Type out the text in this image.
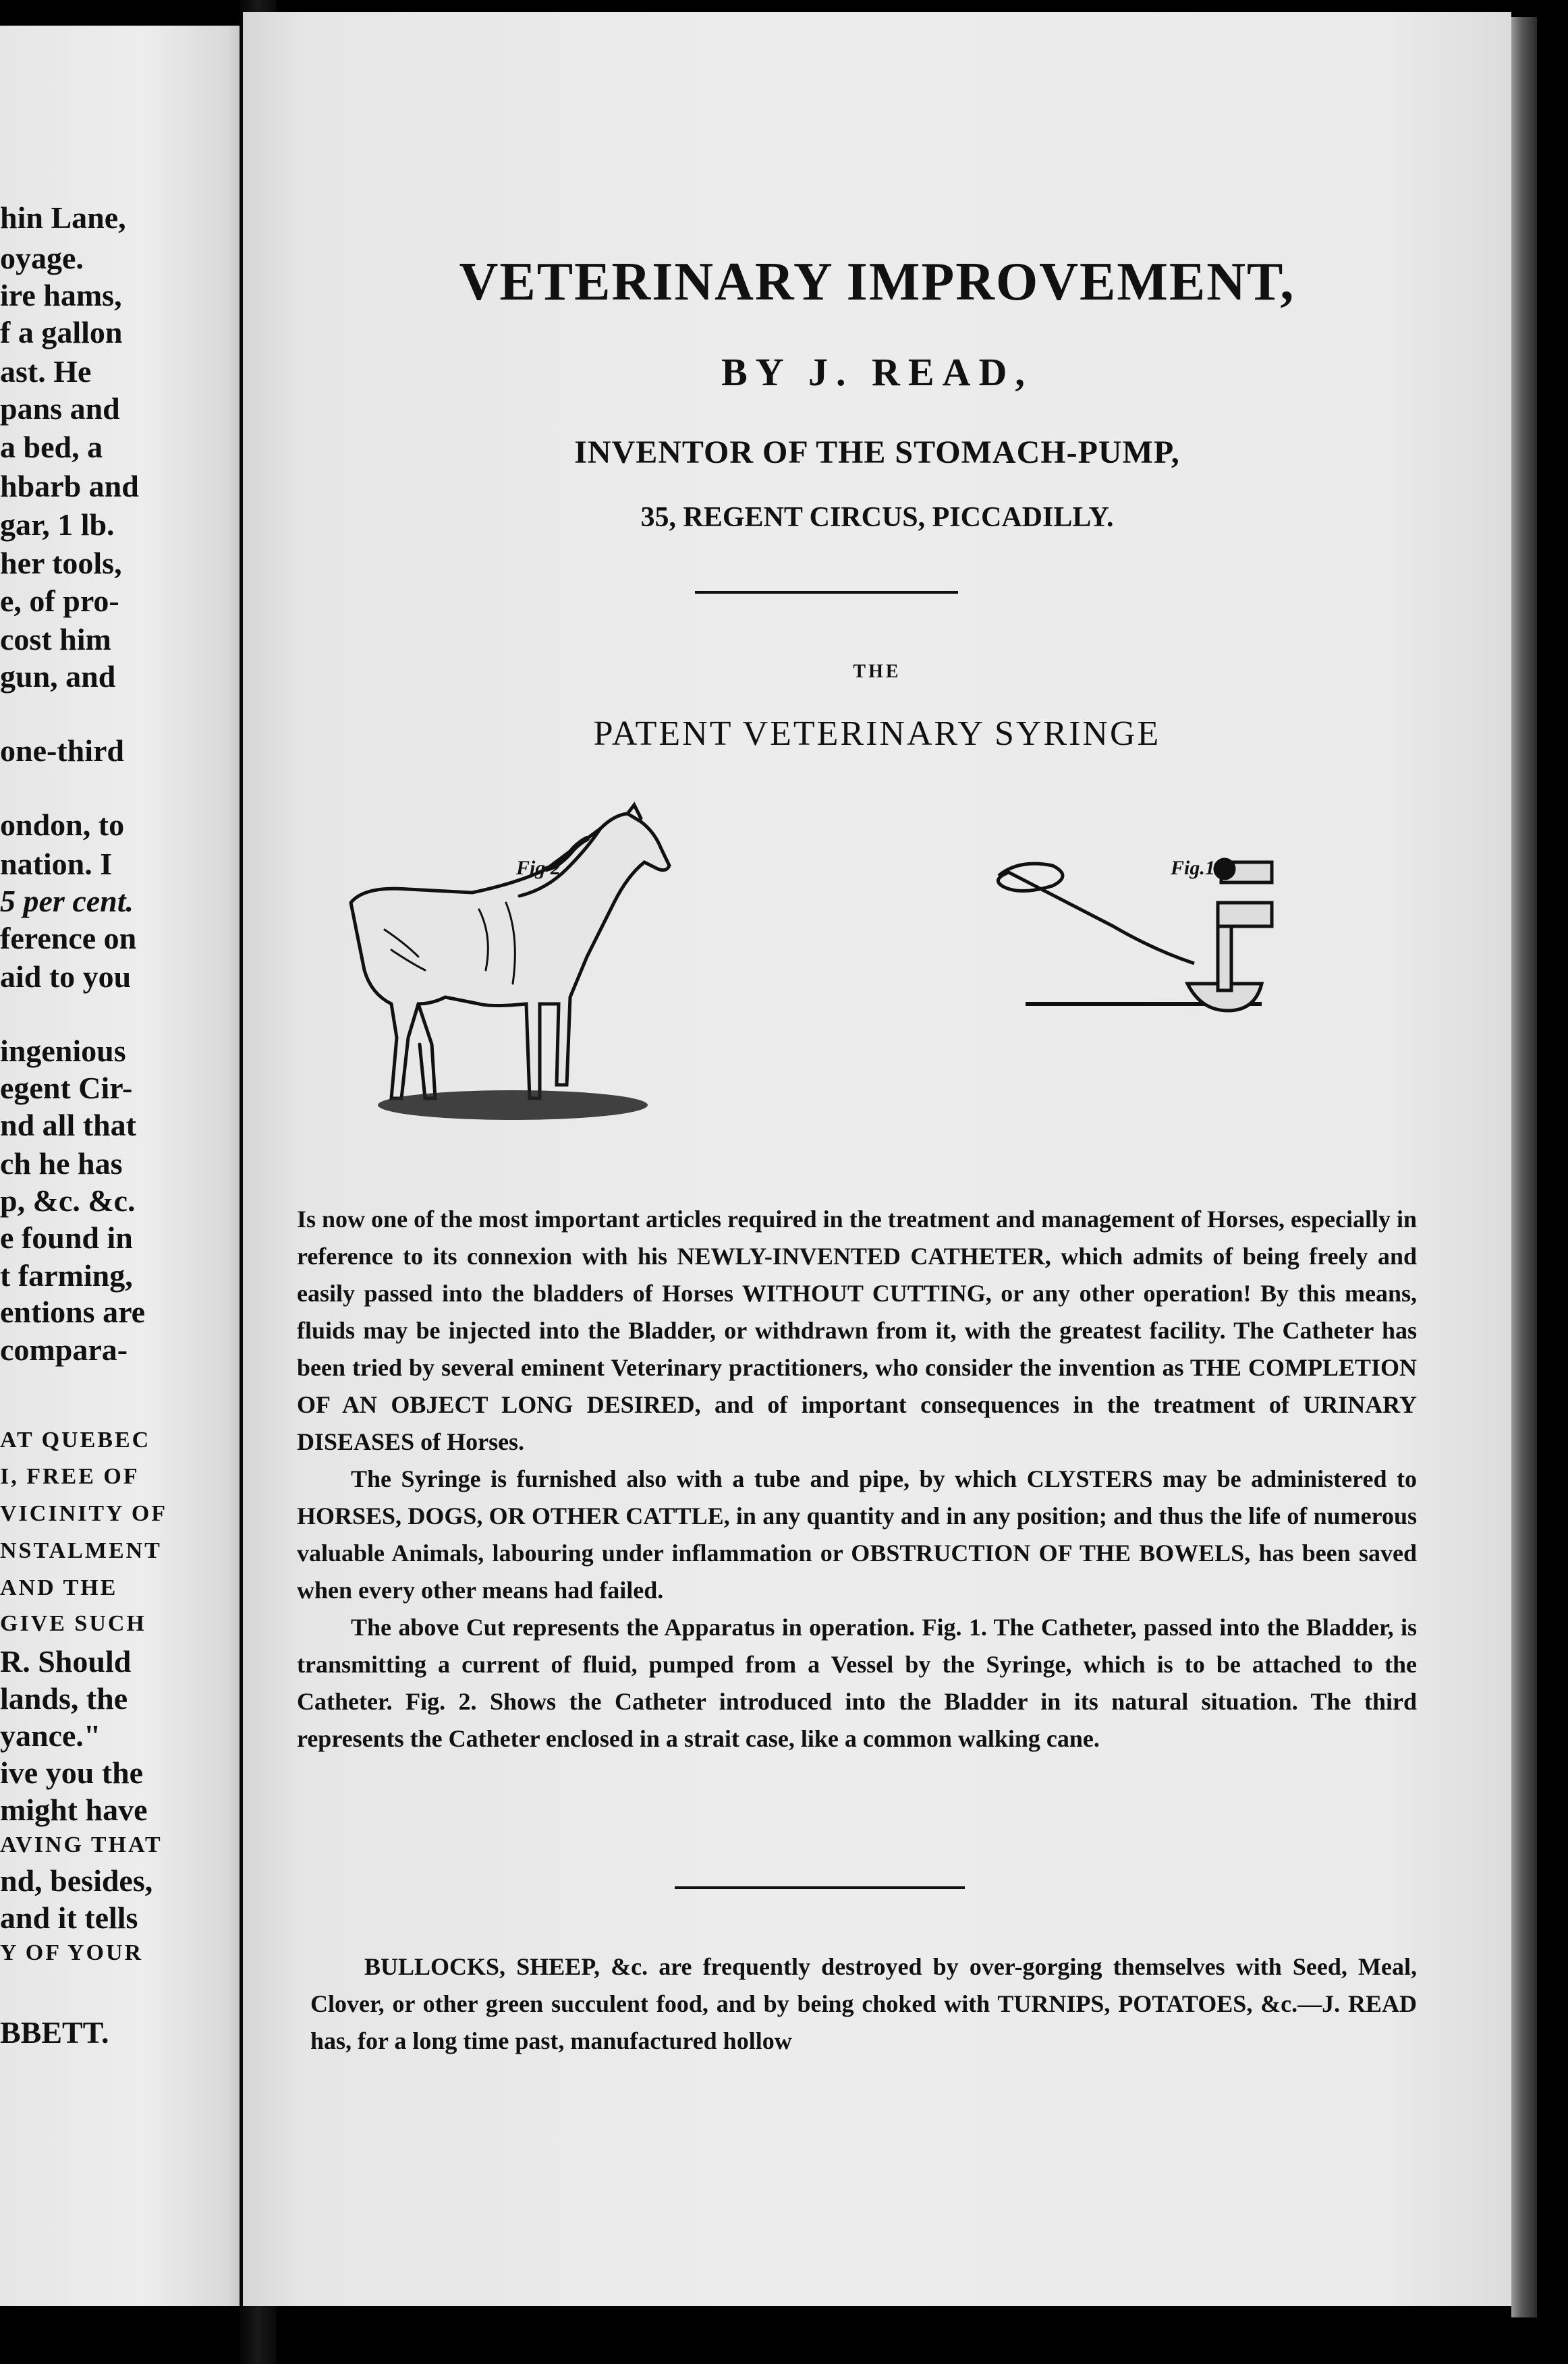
hin Lane,
oyage.
ire hams,
f a gallon
ast. He
pans and
a bed, a
hbarb and
gar, 1 lb.
her tools,
e, of pro-
cost him
gun, and
one-third
ondon, to
nation. I
5 per cent.
ference on
aid to you
ingenious
egent Cir-
nd all that
ch he has
p, &c. &c.
e found in
t farming,
entions are
compara-
AT QUEBEC
I, FREE OF
VICINITY OF
NSTALMENT
AND THE
GIVE SUCH
R. Should
lands, the
yance."
ive you the
might have
AVING THAT
nd, besides,
and it tells
Y OF YOUR
BBETT.
VETERINARY IMPROVEMENT,
BY J. READ,
INVENTOR OF THE STOMACH-PUMP,
35, REGENT CIRCUS, PICCADILLY.
THE
PATENT VETERINARY SYRINGE
Fig 2	Fig.1

Is now one of the most important articles required in the treatment and management of Horses, especially in reference to its connexion with his NEWLY-INVENTED CATHETER, which admits of being freely and easily passed into the bladders of Horses WITHOUT CUTTING, or any other operation! By this means, fluids may be injected into the Bladder, or withdrawn from it, with the greatest facility. The Catheter has been tried by several eminent Veterinary practitioners, who consider the invention as THE COMPLETION OF AN OBJECT LONG DESIRED, and of important consequences in the treatment of URINARY DISEASES of Horses.

The Syringe is furnished also with a tube and pipe, by which CLYSTERS may be administered to HORSES, DOGS, OR OTHER CATTLE, in any quantity and in any position; and thus the life of numerous valuable Animals, labouring under inflammation or OBSTRUCTION OF THE BOWELS, has been saved when every other means had failed.

The above Cut represents the Apparatus in operation. Fig. 1. The Catheter, passed into the Bladder, is transmitting a current of fluid, pumped from a Vessel by the Syringe, which is to be attached to the Catheter. Fig. 2. Shows the Catheter introduced into the Bladder in its natural situation. The third represents the Catheter enclosed in a strait case, like a common walking cane.

BULLOCKS, SHEEP, &c. are frequently destroyed by over-gorging themselves with Seed, Meal, Clover, or other green succulent food, and by being choked with TURNIPS, POTATOES, &c.—J. READ has, for a long time past, manufactured hollow
